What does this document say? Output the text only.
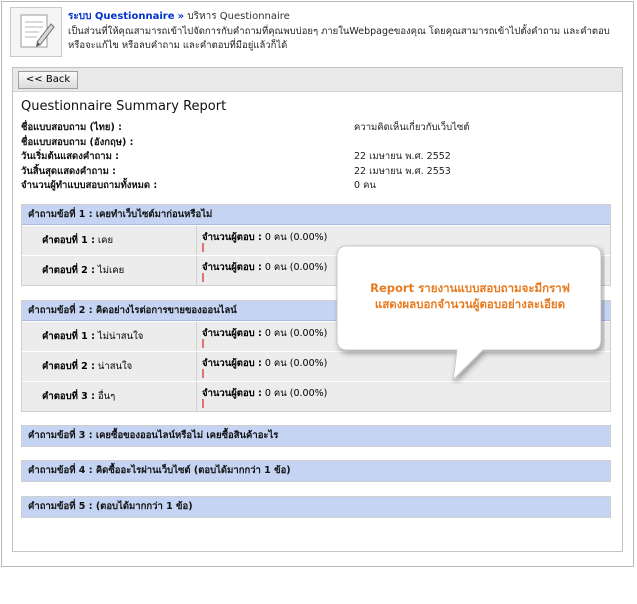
ระบบ Questionnaire » บริหาร Questionnaire
เป็นส่วนที่ให้คุณสามารถเข้าไปจัดการกับคำถามที่คุณพบบ่อยๆ ภายในWebpageของคุณ โดยคุณสามารถเข้าไปตั้งคำถาม และคำตอบ หรือจะแก้ไข หรือลบคำถาม และคำตอบที่มีอยู่แล้วก็ได้
<< Back
Questionnaire Summary Report
ชื่อแบบสอบถาม (ไทย) :	ความคิดเห็นเกี่ยวกับเว็บไซต์
ชื่อแบบสอบถาม (อังกฤษ) :
วันเริ่มต้นแสดงคำถาม :	22 เมษายน พ.ศ. 2552
วันสิ้นสุดแสดงคำถาม :	22 เมษายน พ.ศ. 2553
จำนวนผู้ทำแบบสอบถามทั้งหมด :	0 คน
คำถามข้อที่ 1 : เคยทำเว็บไซต์มาก่อนหรือไม่
คำตอบที่ 1 : เคย	จำนวนผู้ตอบ : 0 คน (0.00%)
คำตอบที่ 2 : ไม่เคย	จำนวนผู้ตอบ : 0 คน (0.00%)
คำถามข้อที่ 2 : คิดอย่างไรต่อการขายของออนไลน์
คำตอบที่ 1 : ไม่น่าสนใจ	จำนวนผู้ตอบ : 0 คน (0.00%)
คำตอบที่ 2 : น่าสนใจ	จำนวนผู้ตอบ : 0 คน (0.00%)
คำตอบที่ 3 : อื่นๆ	จำนวนผู้ตอบ : 0 คน (0.00%)
คำถามข้อที่ 3 : เคยซื้อของออนไลน์หรือไม่ เคยซื้อสินค้าอะไร
คำถามข้อที่ 4 : คิดซื้ออะไรผ่านเว็บไซต์ (ตอบได้มากกว่า 1 ข้อ)
คำถามข้อที่ 5 : (ตอบได้มากกว่า 1 ข้อ)
Report รายงานแบบสอบถามจะมีกราฟ
แสดงผลบอกจำนวนผู้ตอบอย่างละเอียด
